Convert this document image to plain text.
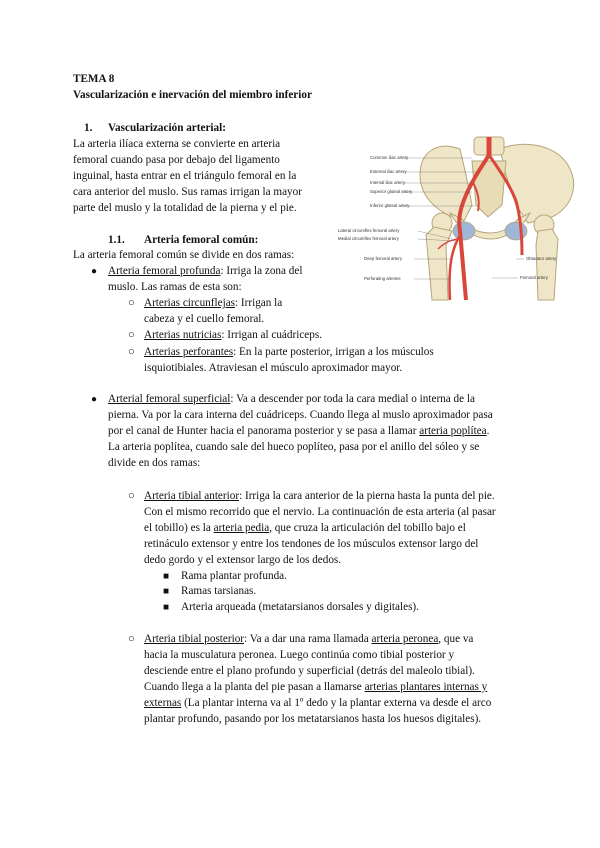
TEMA 8
Vascularización e inervación del miembro inferior
1. Vascularización arterial:
La arteria ilíaca externa se convierte en arteria
femoral cuando pasa por debajo del ligamento
inguinal, hasta entrar en el triángulo femoral en la
cara anterior del muslo. Sus ramas irrigan la mayor
parte del muslo y la totalidad de la pierna y el pie.
1.1. Arteria femoral común:
La arteria femoral común se divide en dos ramas:
● Arteria femoral profunda: Irriga la zona del
muslo. Las ramas de esta son:
○ Arterias circunflejas: Irrigan la
cabeza y el cuello femoral.
○ Arterias nutricias: Irrigan al cuádriceps.
○ Arterias perforantes: En la parte posterior, irrigan a los músculos
isquiotibiales. Atraviesan el músculo aproximador mayor.
● Arterial femoral superficial: Va a descender por toda la cara medial o interna de la
pierna. Va por la cara interna del cuádriceps. Cuando llega al muslo aproximador pasa
por el canal de Hunter hacia el panorama posterior y se pasa a llamar arteria poplítea.
La arteria poplítea, cuando sale del hueco poplíteo, pasa por el anillo del sóleo y se
divide en dos ramas:
○ Arteria tibial anterior: Irriga la cara anterior de la pierna hasta la punta del pie.
Con el mismo recorrido que el nervio. La continuación de esta arteria (al pasar
el tobillo) es la arteria pedia, que cruza la articulación del tobillo bajo el
retináculo extensor y entre los tendones de los músculos extensor largo del
dedo gordo y el extensor largo de los dedos.
■ Rama plantar profunda.
■ Ramas tarsianas.
■ Arteria arqueada (metatarsianos dorsales y digitales).
○ Arteria tibial posterior: Va a dar una rama llamada arteria peronea, que va
hacia la musculatura peronea. Luego continúa como tibial posterior y
desciende entre el plano profundo y superficial (detrás del maleolo tibial).
Cuando llega a la planta del pie pasan a llamarse arterias plantares internas y
externas (La plantar interna va al 1º dedo y la plantar externa va desde el arco
plantar profundo, pasando por los metatarsianos hasta los huesos digitales).
Common iliac artery
External iliac artery
Internal iliac artery
Superior gluteal artery
Inferior gluteal artery
Lateral circumflex femoral artery
Medial circumflex femoral artery
Deep femoral artery
Perforating arteries
Obturator artery
Femoral artery
